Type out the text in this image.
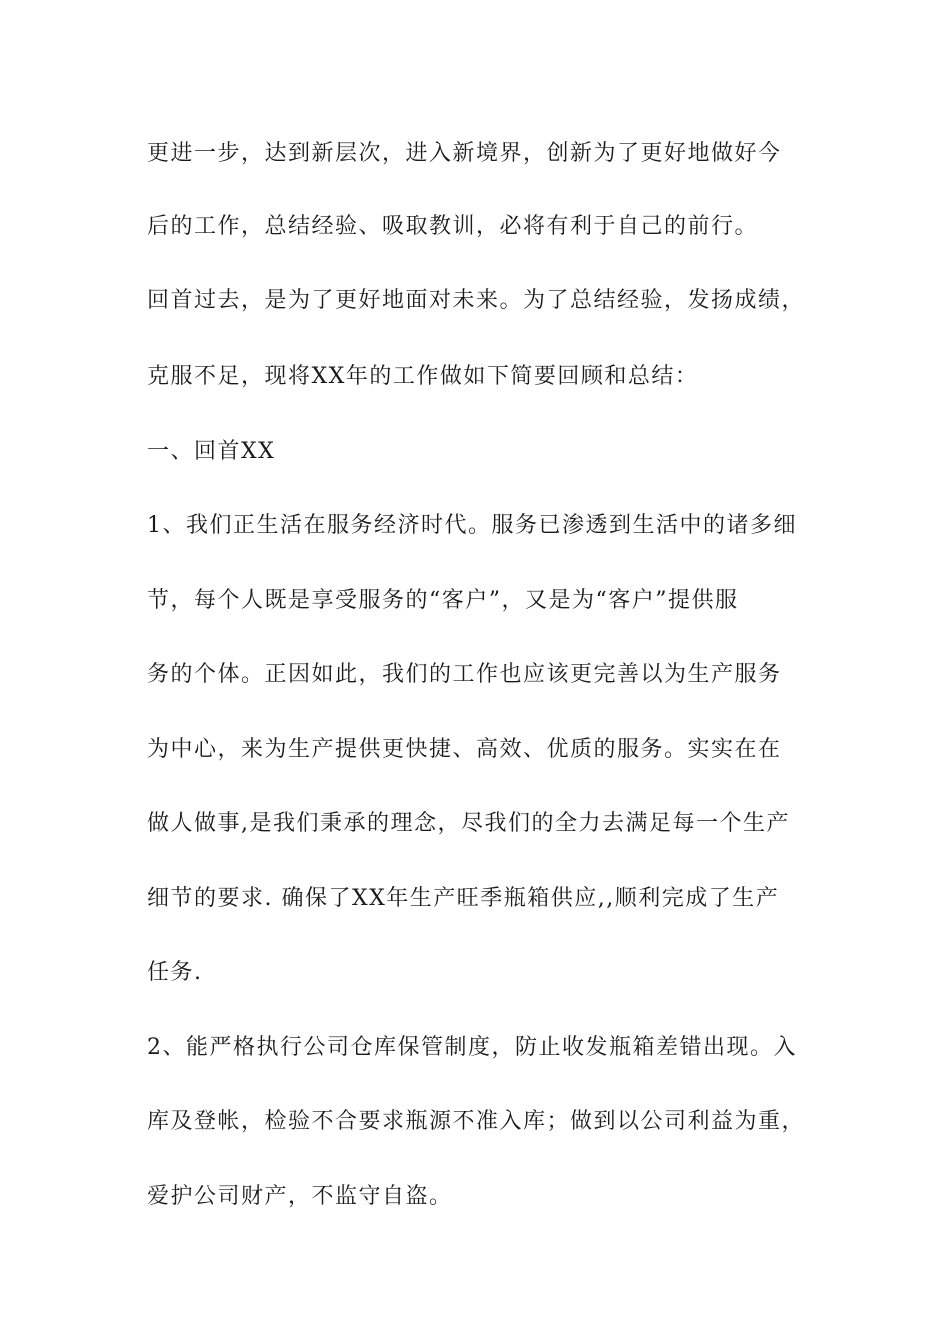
更进一步，达到新层次，进入新境界，创新为了更好地做好今
后的工作，总结经验、吸取教训，必将有利于自己的前行。
回首过去，是为了更好地面对未来。为了总结经验，发扬成绩，
克服不足，现将XX年的工作做如下简要回顾和总结：
一、回首XX
1、我们正生活在服务经济时代。服务已渗透到生活中的诸多细
节，每个人既是享受服务的“客户”，又是为“客户”提供服
务的个体。正因如此，我们的工作也应该更完善以为生产服务
为中心，来为生产提供更快捷、高效、优质的服务。实实在在
做人做事,是我们秉承的理念，尽我们的全力去满足每一个生产
细节的要求. 确保了XX年生产旺季瓶箱供应,,顺利完成了生产
任务.
2、能严格执行公司仓库保管制度，防止收发瓶箱差错出现。入
库及登帐，检验不合要求瓶源不准入库；做到以公司利益为重，
爱护公司财产，不监守自盗。
